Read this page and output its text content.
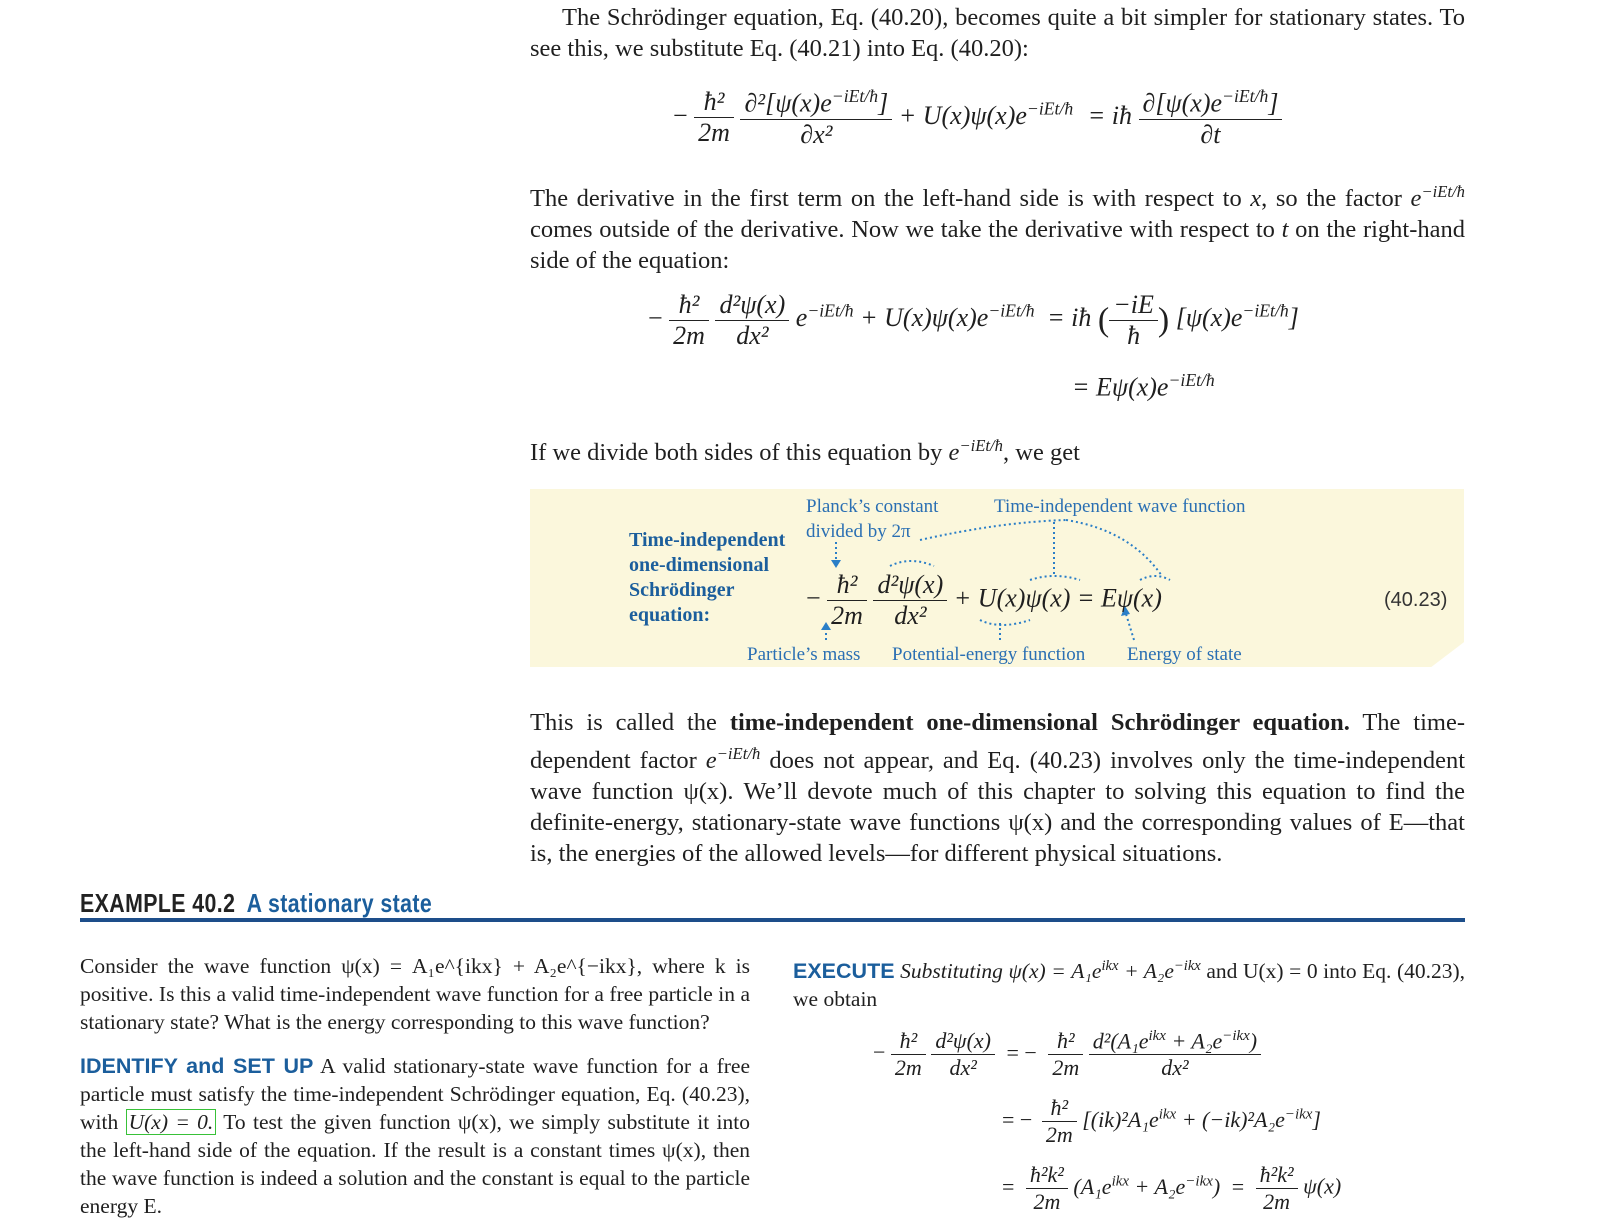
The Schrödinger equation, Eq. (40.20), becomes quite a bit simpler for stationary states. To see this, we substitute Eq. (40.21) into Eq. (40.20):
− $\frac{\text{ħ²}}{2m}$
$\frac{\partial^2[\psi(x)e^{-iEt/ħ}]}{\text{∂x²}} + U(x)\psi(x)e^{-iEt/ħ}$ = iħ $\frac{\partial[\psi(x)e^{-iEt/ħ}]}{\partial t}$
The derivative in the first term on the left-hand side is with respect to x, so the factor $e^{-iEt/ħ}$ comes outside of the derivative. Now we take the derivative with respect to t on the right-hand side of the equation:
− $\frac{\text{ħ²}}{2m}$
$\frac{\text{d²ψ(x)}}{\text{dx²}} e^{-iEt/ħ} + U(x)\psi(x)e^{-iEt/ħ}$ = iħ ( $\frac{-iE}{ħ}$ ) $[\psi(x)e^{-iEt/ħ}]$
= $E\psi(x)e^{-iEt/ħ}$
If we divide both sides of this equation by $e^{-iEt/ħ}$, we get
Time-independent
one-dimensional
Schrödinger
equation:
Planck’s constant
divided by 2π
Time-independent wave function
Particle’s mass Potential-energy function Energy of state
− $\frac{\text{ħ²}}{2m}$
$\frac{\text{d²ψ(x)}}{\text{dx²}} + U(x)\psi(x) = E\psi(x)$	(40.23)
This is called the time-independent one-dimensional Schrödinger equation. The time-dependent factor $e^{-iEt/ħ}$ does not appear, and Eq. (40.23) involves only the time-independent wave function ψ(x). We’ll devote much of this chapter to solving this equation to find the definite-energy, stationary-state wave functions ψ(x) and the corresponding values of E—that is, the energies of the allowed levels—for different physical situations.
EXAMPLE 40.2 A stationary state
Consider the wave function ψ(x) = A₁e^{ikx} + A₂e^{−ikx}, where k is positive. Is this a valid time-independent wave function for a free particle in a stationary state? What is the energy corresponding to this wave function?
IDENTIFY and SET UP A valid stationary-state wave function for a free particle must satisfy the time-independent Schrödinger equation, Eq. (40.23), with U(x) = 0. To test the given function ψ(x), we simply substitute it into the left-hand side of the equation. If the result is a constant times ψ(x), then the wave function is indeed a solution and the constant is equal to the particle energy E.
EXECUTE Substituting $\psi(x) = A_1e^{ikx} + A_2e^{-ikx}$ and U(x) = 0 into Eq. (40.23), we obtain
− $\frac{\text{ħ²}}{2m}$
$\frac{\text{d²ψ(x)}}{\text{dx²}}$ = − $\frac{\text{ħ²}}{2m}$
$\frac{d^2(A_1e^{ikx} + A_2e^{-ikx})}{\text{dx²}}$
= − $\frac{\text{ħ²}}{2m} [(ik)^2A_1e^{ikx} + (-ik)^2A_2e^{-ikx}]$
= $\frac{\text{ħ²k²}}{2m} (A_1e^{ikx} + A_2e^{-ikx}) = \frac{\text{ħ²k²}}{2m} \psi(x)$
